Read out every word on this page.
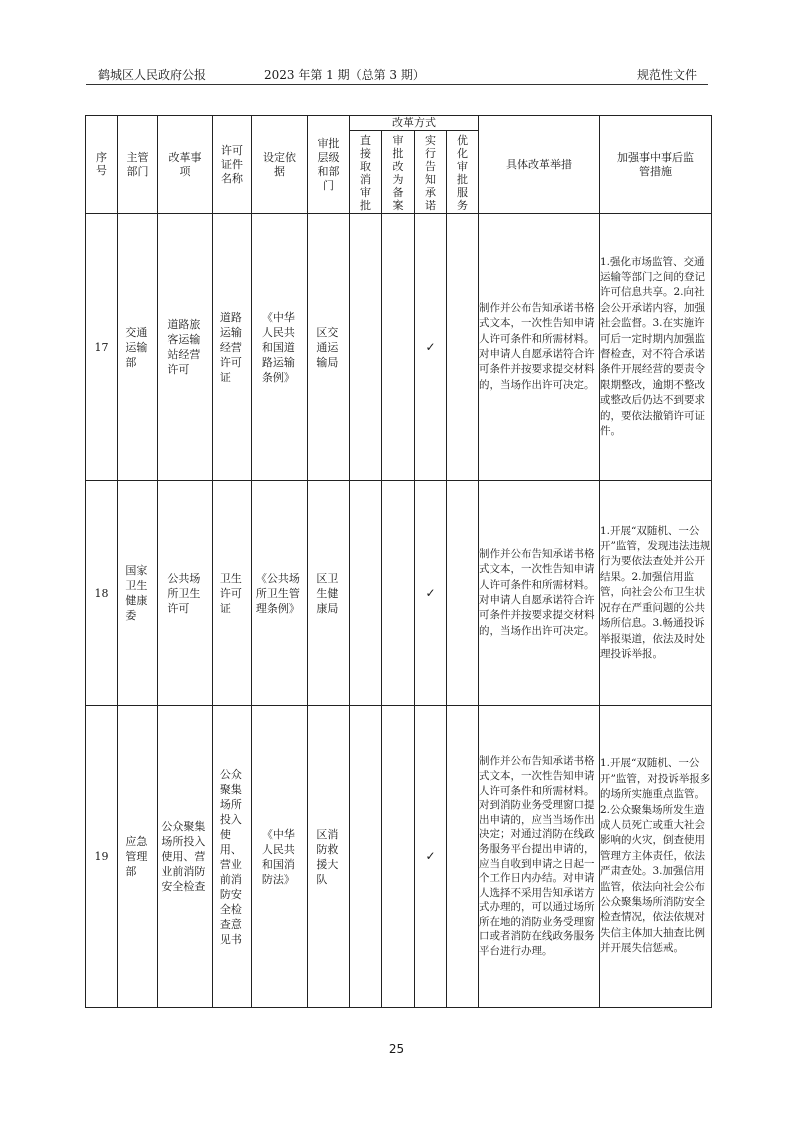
鹤城区人民政府公报	2023 年第 1 期（总第 3 期）	规范性文件
序号	主管部门	改革事项	许可证件名称	设定依据	审批层级和部门	改革方式				具体改革举措	加强事中事后监管措施

						直接取消审批	审批改为备案	实行告知承诺	优化审批服务		
17	交通运输部	道路旅客运输站经营许可	道路运输经营许可证	《中华人民共和国道路运输条例》	区交通运输局			✓		制作并公布告知承诺书格式文本，一次性告知申请人许可条件和所需材料。对申请人自愿承诺符合许可条件并按要求提交材料的，当场作出许可决定。	1.强化市场监管、交通运输等部门之间的登记许可信息共享。2.向社会公开承诺内容，加强社会监督。3.在实施许可后一定时期内加强监督检查，对不符合承诺条件开展经营的要责令限期整改，逾期不整改或整改后仍达不到要求的，要依法撤销许可证件。

18	国家卫生健康委	公共场所卫生许可	卫生许可证	《公共场所卫生管理条例》	区卫生健康局			✓		制作并公布告知承诺书格式文本，一次性告知申请人许可条件和所需材料。对申请人自愿承诺符合许可条件并按要求提交材料的，当场作出许可决定。	1.开展“双随机、一公开”监管，发现违法违规行为要依法查处并公开结果。2.加强信用监管，向社会公布卫生状况存在严重问题的公共场所信息。3.畅通投诉举报渠道，依法及时处理投诉举报。

19	应急管理部	公众聚集场所投入使用、营业前消防安全检查	公众聚集场所投入使用、营业前消防安全检查意见书	《中华人民共和国消防法》	区消防救援大队			✓		制作并公布告知承诺书格式文本，一次性告知申请人许可条件和所需材料。对到消防业务受理窗口提出申请的，应当当场作出决定；对通过消防在线政务服务平台提出申请的，应当自收到申请之日起一个工作日内办结。对申请人选择不采用告知承诺方式办理的，可以通过场所所在地的消防业务受理窗口或者消防在线政务服务平台进行办理。	1.开展“双随机、一公开”监管，对投诉举报多的场所实施重点监管。2.公众聚集场所发生造成人员死亡或重大社会影响的火灾，倒查使用管理方主体责任，依法严肃查处。3.加强信用监管，依法向社会公布公众聚集场所消防安全检查情况，依法依规对失信主体加大抽查比例并开展失信惩戒。
25
